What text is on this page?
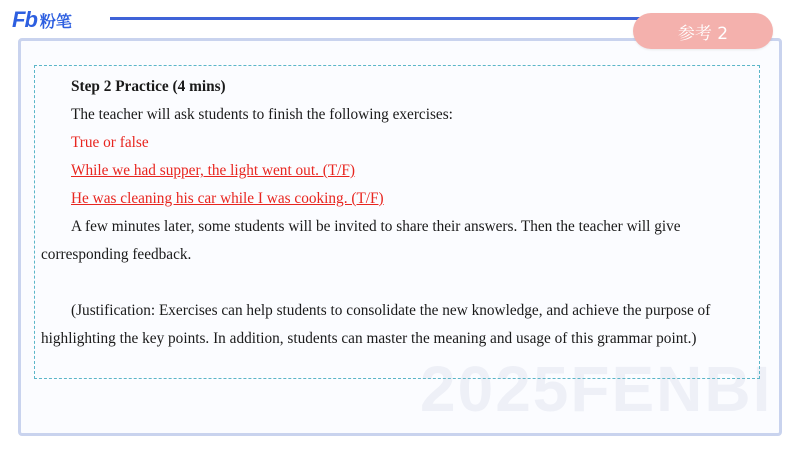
Fb 粉笔
参考 2
2025FENBI

Step 2 Practice (4 mins)

The teacher will ask students to finish the following exercises:

True or false

While we had supper, the light went out. (T/F)

He was cleaning his car while I was cooking. (T/F)

A few minutes later, some students will be invited to share their answers. Then the teacher will give corresponding feedback.

(Justification: Exercises can help students to consolidate the new knowledge, and achieve the purpose of highlighting the key points. In addition, students can master the meaning and usage of this grammar point.)
